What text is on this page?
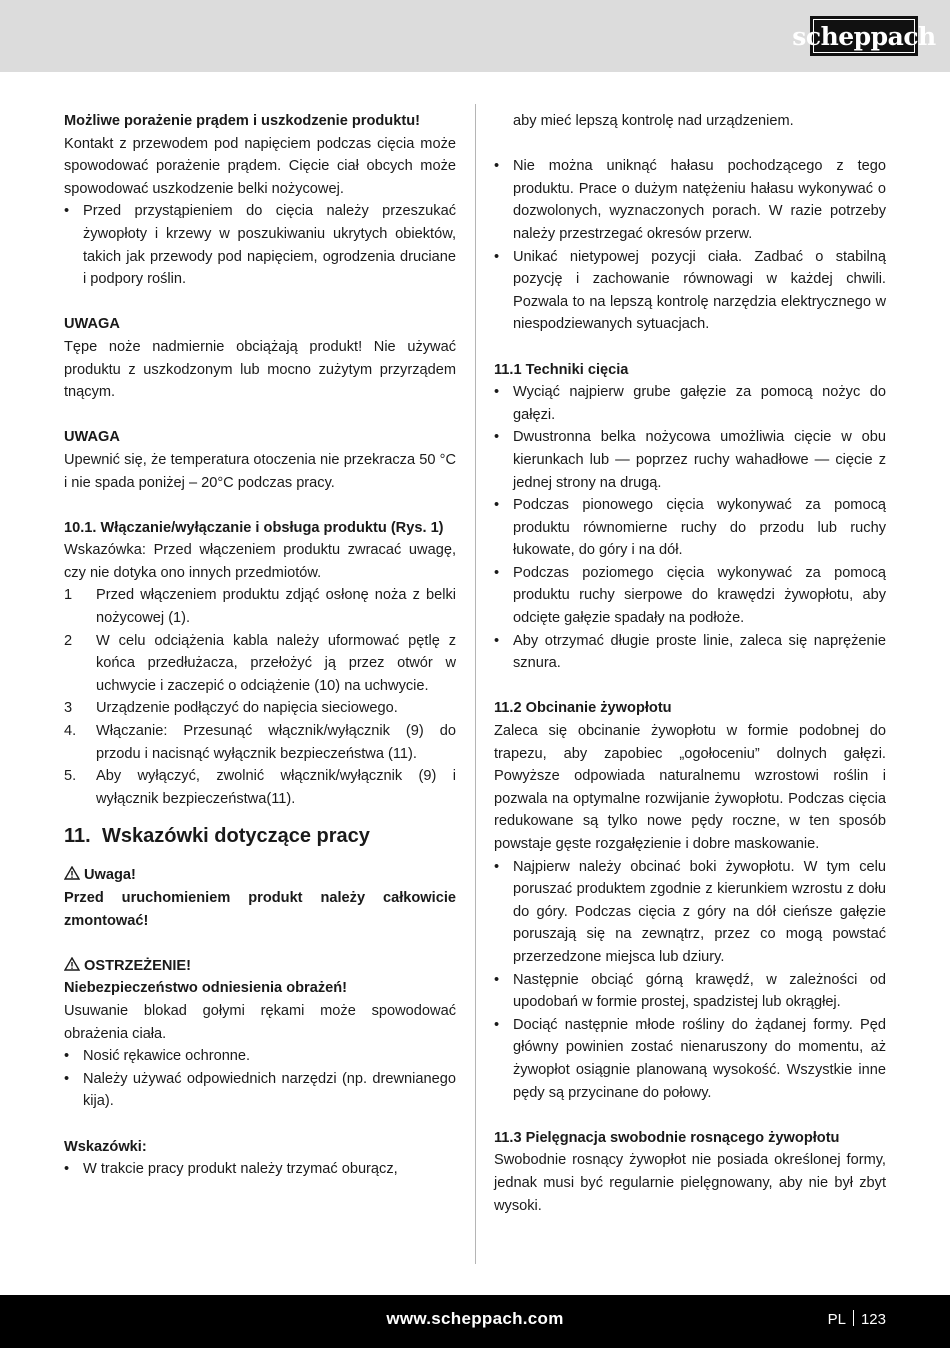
scheppach

Możliwe porażenie prądem i uszkodzenie produktu!

Kontakt z przewodem pod napięciem podczas cięcia może spowodować porażenie prądem. Cięcie ciał obcych może spowodować uszkodzenie belki nożycowej.

• Przed przystąpieniem do cięcia należy przeszukać żywopłoty i krzewy w poszukiwaniu ukrytych obiektów, takich jak przewody pod napięciem, ogrodzenia druciane i podpory roślin.

UWAGA

Tępe noże nadmiernie obciążają produkt! Nie używać produktu z uszkodzonym lub mocno zużytym przyrządem tnącym.

UWAGA

Upewnić się, że temperatura otoczenia nie przekracza 50 °C i nie spada poniżej – 20°C podczas pracy.

10.1. Włączanie/wyłączanie i obsługa produktu (Rys. 1)

Wskazówka: Przed włączeniem produktu zwracać uwagę, czy nie dotyka ono innych przedmiotów.

1 Przed włączeniem produktu zdjąć osłonę noża z belki nożycowej (1).
2 W celu odciążenia kabla należy uformować pętlę z końca przedłużacza, przełożyć ją przez otwór w uchwycie i zaczepić o odciążenie (10) na uchwycie.
3 Urządzenie podłączyć do napięcia sieciowego.
4. Włączanie: Przesunąć włącznik/wyłącznik (9) do przodu i nacisnąć wyłącznik bezpieczeństwa (11).
5. Aby wyłączyć, zwolnić włącznik/wyłącznik (9) i wyłącznik bezpieczeństwa(11).
11. Wskazówki dotyczące pracy

Uwaga!

Przed uruchomieniem produkt należy całkowicie zmontować!

OSTRZEŻENIE!

Niebezpieczeństwo odniesienia obrażeń!

Usuwanie blokad gołymi rękami może spowodować obrażenia ciała.

• Nosić rękawice ochronne.
• Należy używać odpowiednich narzędzi (np. drewnianego kija).

Wskazówki:

• W trakcie pracy produkt należy trzymać oburącz,

aby mieć lepszą kontrolę nad urządzeniem.

• Nie można uniknąć hałasu pochodzącego z tego produktu. Prace o dużym natężeniu hałasu wykonywać o dozwolonych, wyznaczonych porach. W razie potrzeby należy przestrzegać okresów przerw.
• Unikać nietypowej pozycji ciała. Zadbać o stabilną pozycję i zachowanie równowagi w każdej chwili. Pozwala to na lepszą kontrolę narzędzia elektrycznego w niespodziewanych sytuacjach.

11.1 Techniki cięcia

• Wyciąć najpierw grube gałęzie za pomocą nożyc do gałęzi.
• Dwustronna belka nożycowa umożliwia cięcie w obu kierunkach lub — poprzez ruchy wahadłowe — cięcie z jednej strony na drugą.
• Podczas pionowego cięcia wykonywać za pomocą produktu równomierne ruchy do przodu lub ruchy łukowate, do góry i na dół.
• Podczas poziomego cięcia wykonywać za pomocą produktu ruchy sierpowe do krawędzi żywopłotu, aby odcięte gałęzie spadały na podłoże.
• Aby otrzymać długie proste linie, zaleca się naprężenie sznura.

11.2 Obcinanie żywopłotu

Zaleca się obcinanie żywopłotu w formie podobnej do trapezu, aby zapobiec „ogołoceniu” dolnych gałęzi. Powyższe odpowiada naturalnemu wzrostowi roślin i pozwala na optymalne rozwijanie żywopłotu. Podczas cięcia redukowane są tylko nowe pędy roczne, w ten sposób powstaje gęste rozgałęzienie i dobre maskowanie.

• Najpierw należy obcinać boki żywopłotu. W tym celu poruszać produktem zgodnie z kierunkiem wzrostu z dołu do góry. Podczas cięcia z góry na dół cieńsze gałęzie poruszają się na zewnątrz, przez co mogą powstać przerzedzone miejsca lub dziury.
• Następnie obciąć górną krawędź, w zależności od upodobań w formie prostej, spadzistej lub okrągłej.
• Dociąć następnie młode rośliny do żądanej formy. Pęd główny powinien zostać nienaruszony do momentu, aż żywopłot osiągnie planowaną wysokość. Wszystkie inne pędy są przycinane do połowy.

11.3 Pielęgnacja swobodnie rosnącego żywopłotu

Swobodnie rosnący żywopłot nie posiada określonej formy, jednak musi być regularnie pielęgnowany, aby nie był zbyt wysoki.

www.scheppach.com	PL 123
